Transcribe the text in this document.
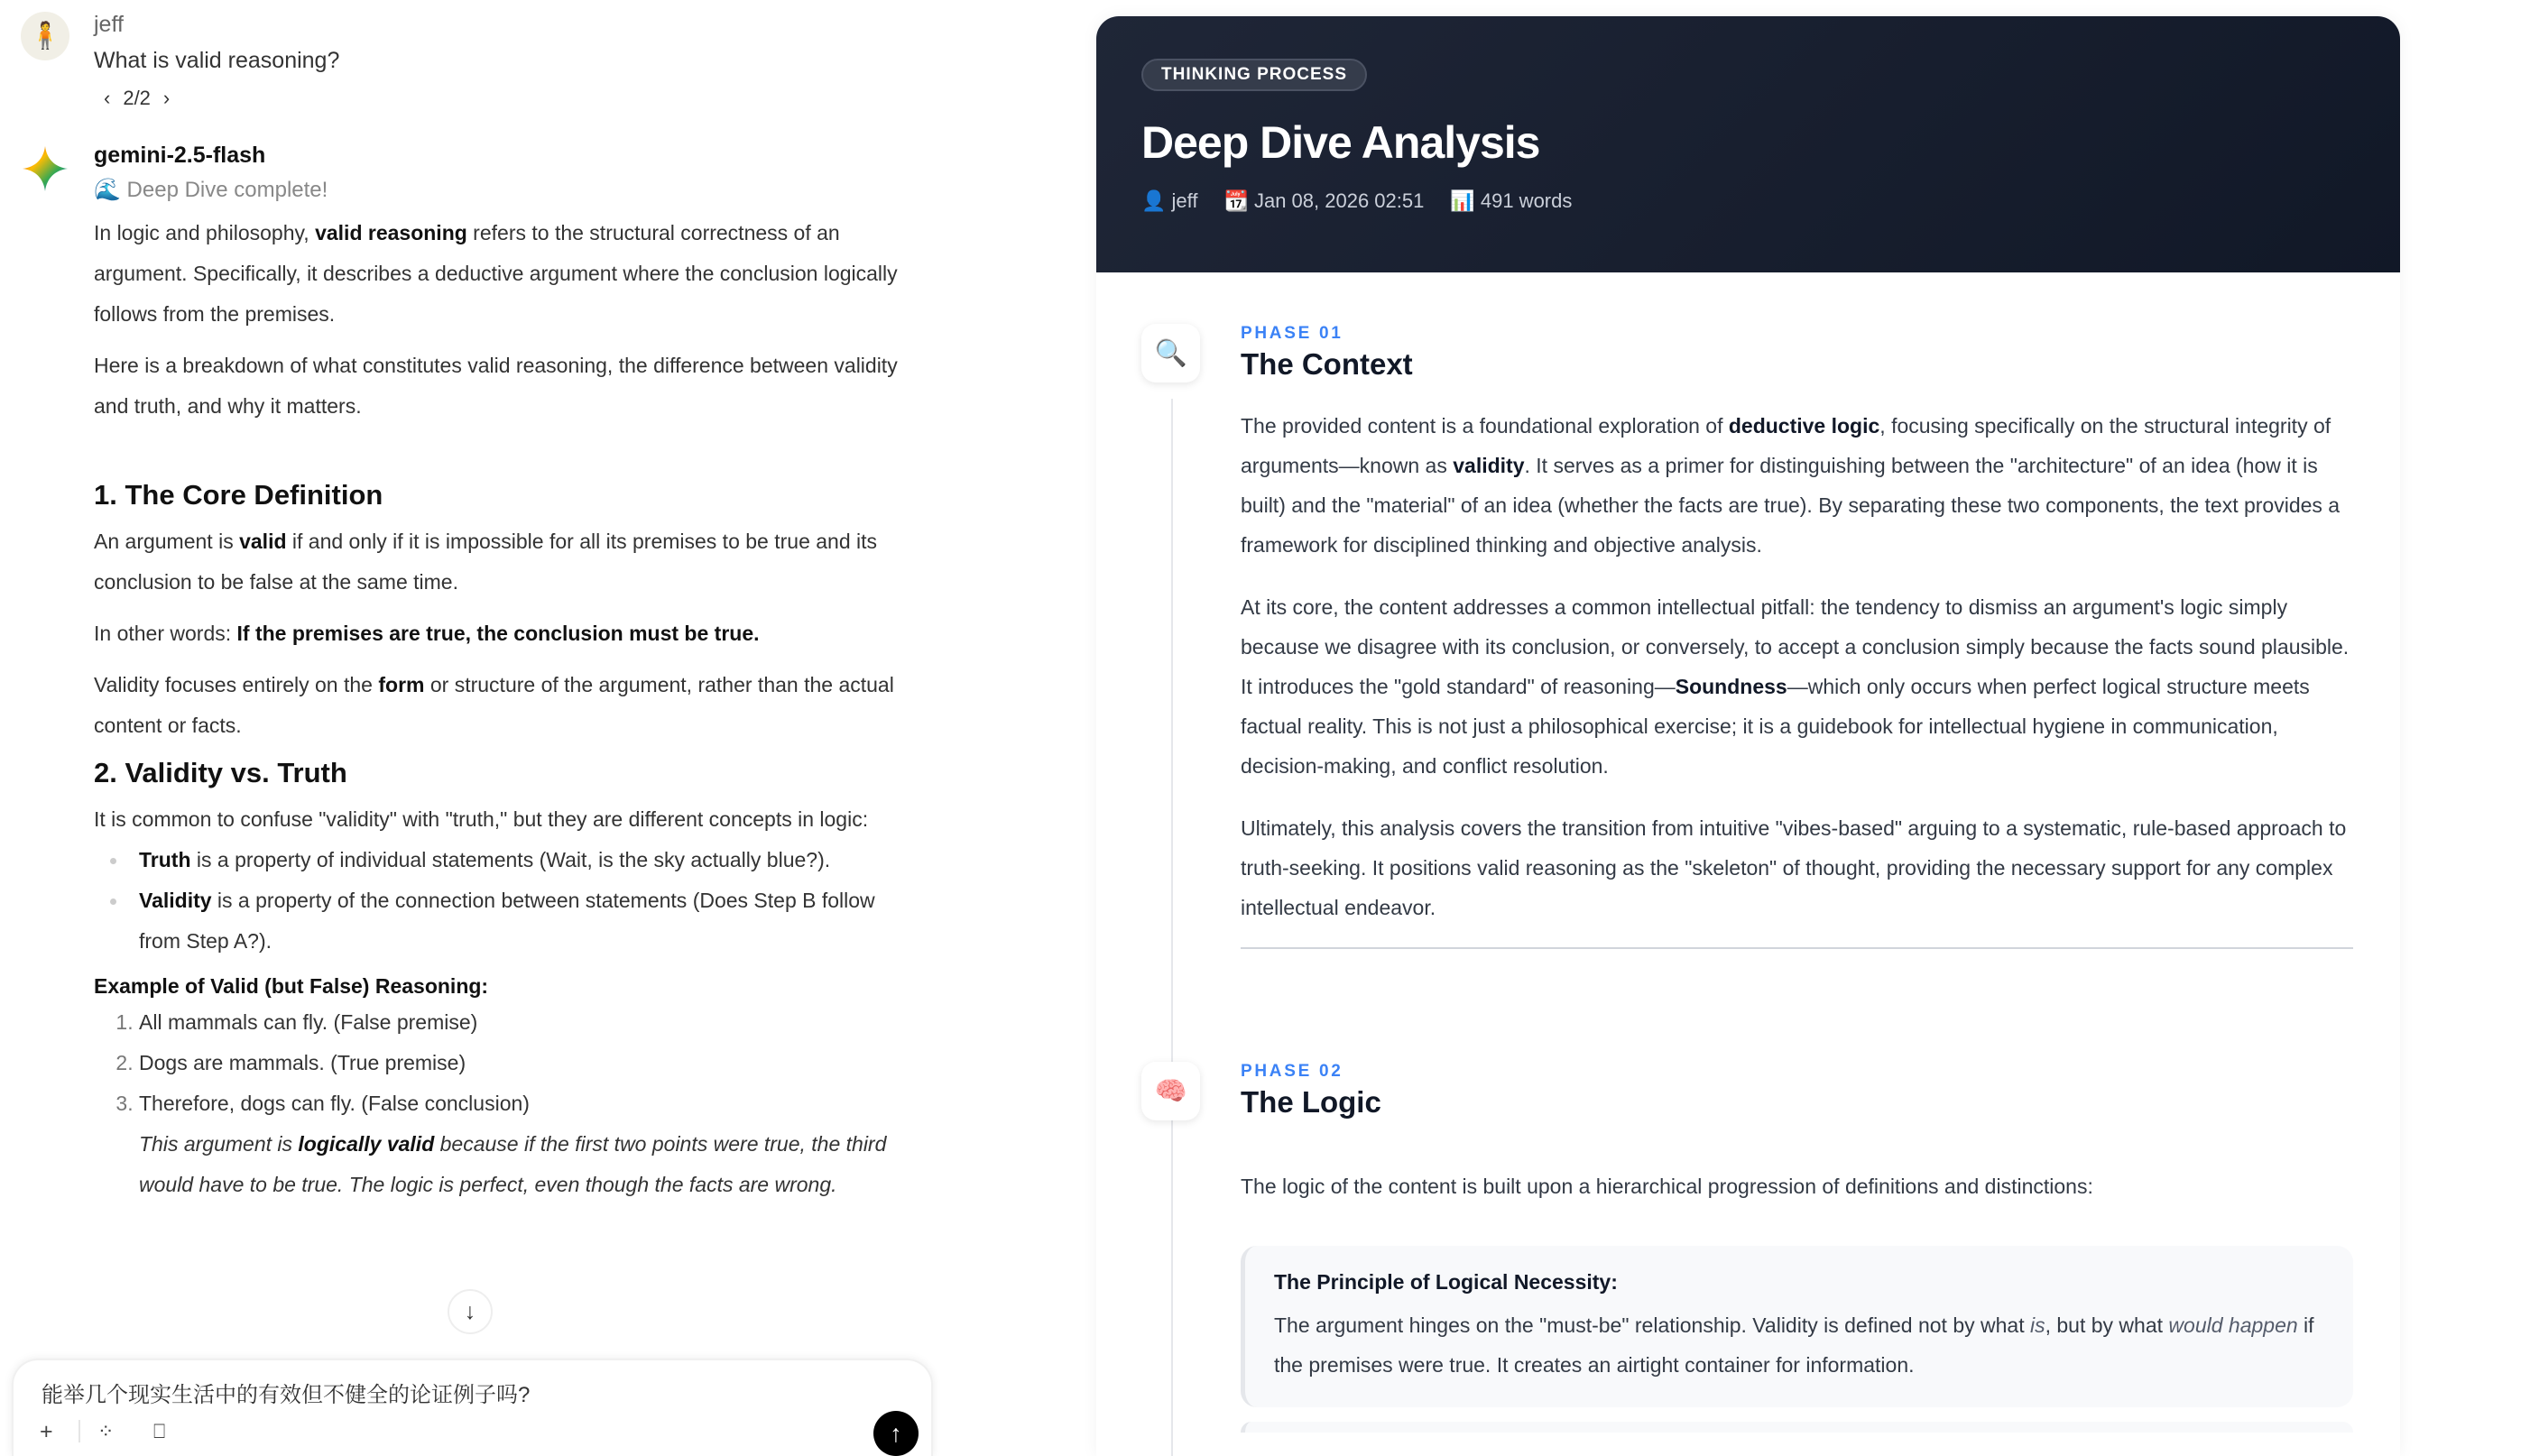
🧍	jeff
What is valid reasoning?
‹ 2/2 ›
gemini-2.5-flash
🌊 Deep Dive complete!

In logic and philosophy, valid reasoning refers to the structural correctness of an argument. Specifically, it describes a deductive argument where the conclusion logically follows from the premises.

Here is a breakdown of what constitutes valid reasoning, the difference between validity and truth, and why it matters.

1. The Core Definition

An argument is valid if and only if it is impossible for all its premises to be true and its conclusion to be false at the same time.

In other words: If the premises are true, the conclusion must be true.

Validity focuses entirely on the form or structure of the argument, rather than the actual content or facts.

2. Validity vs. Truth

It is common to confuse "validity" with "truth," but they are different concepts in logic:

Truth is a property of individual statements (Wait, is the sky actually blue?).
Validity is a property of the connection between statements (Does Step B follow from Step A?).
Example of Valid (but False) Reasoning:
1. All mammals can fly. (False premise)
2. Dogs are mammals. (True premise)
3. Therefore, dogs can fly. (False conclusion)
This argument is logically valid because if the first two points were true, the third would have to be true. The logic is perfect, even though the facts are wrong.
↓
能举几个现实生活中的有效但不健全的论证例子吗?
+ ⁘ ⎕	↑
THINKING PROCESS
Deep Dive Analysis
👤 jeff 📆 Jan 08, 2026 02:51 📊 491 words
🔍
PHASE 01
The Context

The provided content is a foundational exploration of deductive logic, focusing specifically on the structural integrity of arguments—known as validity. It serves as a primer for distinguishing between the "architecture" of an idea (how it is built) and the "material" of an idea (whether the facts are true). By separating these two components, the text provides a framework for disciplined thinking and objective analysis.

At its core, the content addresses a common intellectual pitfall: the tendency to dismiss an argument's logic simply because we disagree with its conclusion, or conversely, to accept a conclusion simply because the facts sound plausible. It introduces the "gold standard" of reasoning—Soundness—which only occurs when perfect logical structure meets factual reality. This is not just a philosophical exercise; it is a guidebook for intellectual hygiene in communication, decision-making, and conflict resolution.

Ultimately, this analysis covers the transition from intuitive "vibes-based" arguing to a systematic, rule-based approach to truth-seeking. It positions valid reasoning as the "skeleton" of thought, providing the necessary support for any complex intellectual endeavor.

🧠
PHASE 02
The Logic

The logic of the content is built upon a hierarchical progression of definitions and distinctions:

The Principle of Logical Necessity:

The argument hinges on the "must-be" relationship. Validity is defined not by what is, but by what would happen if the premises were true. It creates an airtight container for information.
